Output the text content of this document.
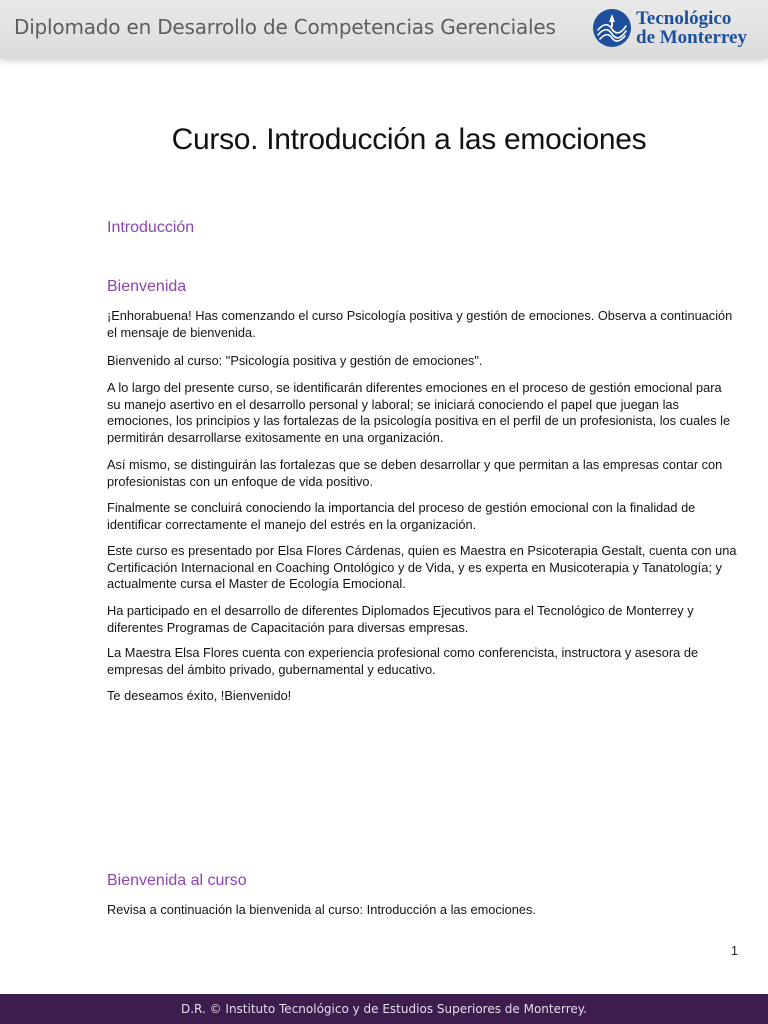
Diplomado en Desarrollo de Competencias Gerenciales	Tecnológico
de Monterrey
Curso. Introducción a las emociones
Introducción
Bienvenida

¡Enhorabuena! Has comenzando el curso Psicología positiva y gestión de emociones. Observa a continuación el mensaje de bienvenida.

Bienvenido al curso: "Psicología positiva y gestión de emociones".

A lo largo del presente curso, se identificarán diferentes emociones en el proceso de gestión emocional para su manejo asertivo en el desarrollo personal y laboral; se iniciará conociendo el papel que juegan las emociones, los principios y las fortalezas de la psicología positiva en el perfil de un profesionista, los cuales le permitirán desarrollarse exitosamente en una organización.

Así mismo, se distinguirán las fortalezas que se deben desarrollar y que permitan a las empresas contar con profesionistas con un enfoque de vida positivo.

Finalmente se concluirá conociendo la importancia del proceso de gestión emocional con la finalidad de identificar correctamente el manejo del estrés en la organización.

Este curso es presentado por Elsa Flores Cárdenas, quien es Maestra en Psicoterapia Gestalt, cuenta con una Certificación Internacional en Coaching Ontológico y de Vida, y es experta en Musicoterapia y Tanatología; y actualmente cursa el Master de Ecología Emocional.

Ha participado en el desarrollo de diferentes Diplomados Ejecutivos para el Tecnológico de Monterrey y diferentes Programas de Capacitación para diversas empresas.

La Maestra Elsa Flores cuenta con experiencia profesional como conferencista, instructora y asesora de empresas del ámbito privado, gubernamental y educativo.

Te deseamos éxito, !Bienvenido!

Bienvenida al curso

Revisa a continuación la bienvenida al curso: Introducción a las emociones.

1
D.R. © Instituto Tecnológico y de Estudios Superiores de Monterrey.
